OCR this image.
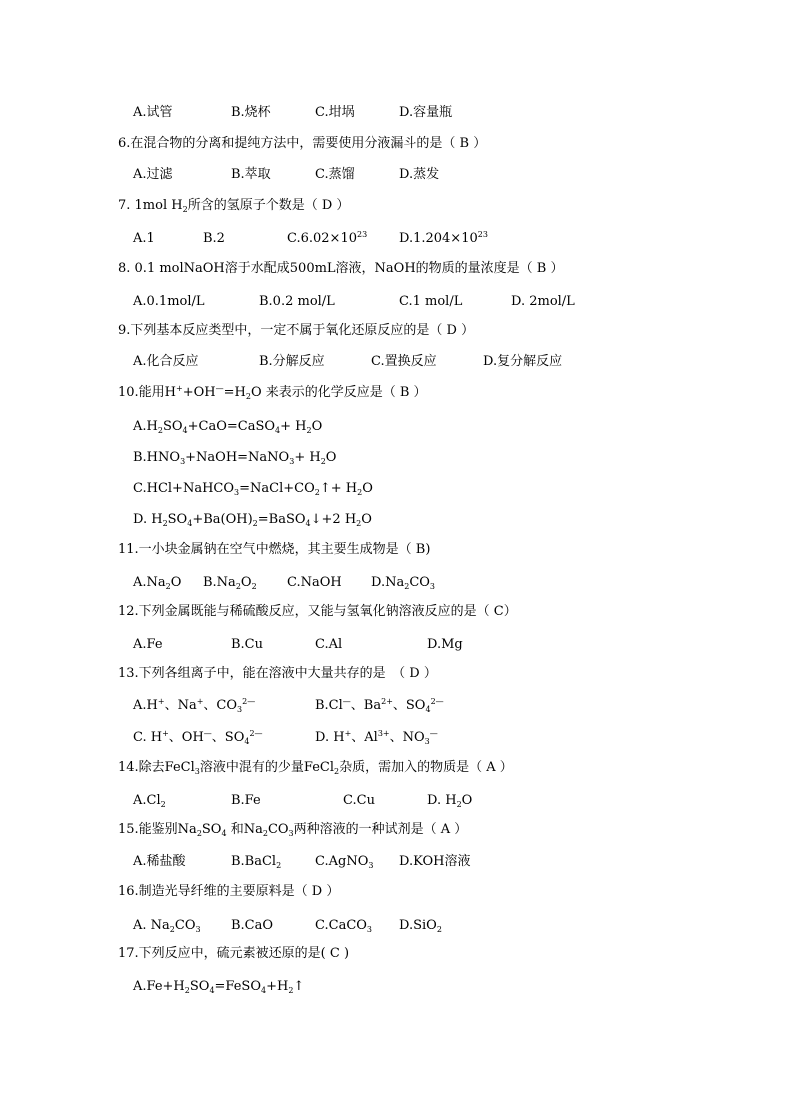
A.试管	B.烧杯	C.坩埚	D.容量瓶
6.在混合物的分离和提纯方法中，需要使用分液漏斗的是（ B ）
A.过滤	B.萃取	C.蒸馏	D.蒸发
7. 1mol $H_2$所含的氢原子个数是（ D ）
A.1	B.2	$C.6.02\times 10^{23}$ $D.1.204\times 10^{23}$
8. 0.1 molNaOH溶于水配成500mL溶液，NaOH的物质的量浓度是（ B ）
A.0.1mol/L	B.0.2 mol/L	C.1 mol/L	D. 2mol/L
9.下列基本反应类型中，一定不属于氧化还原反应的是（ D ）
A.化合反应	B.分解反应	C.置换反应	D.复分解反应
10.能用$H^++OH^—=H_2O$ 来表示的化学反应是（ B ）
$A.H_2SO_4+CaO=CaSO_4+ H_2O$
$B.HNO_3+NaOH=NaNO_3+ H_2O$
$C.HCl+NaHCO_3=NaCl+CO_2↑+ H_2O$
D. $H_2SO_4+Ba(OH)_2=BaSO_4↓+2$ $H_2O$
11.一小块金属钠在空气中燃烧，其主要生成物是（ B)
$A.Na_2O$ $B.Na_2O_2$ C.NaOH $D.Na_2CO_3$
12.下列金属既能与稀硫酸反应，又能与氢氧化钠溶液反应的是（ C）
A.Fe	B.Cu	C.Al	D.Mg
13.下列各组离子中，能在溶液中大量共存的是　（ D ）
A.H+、Na+、$CO_3^{2—}$	B.Cl—、$Ba^{2+}$、$SO_4^{2—}$
C. H+、OH—、$SO_4^{2—}$	D. H+、$Al^{3+}$、$NO_3^—$
14.除去FeCl$_3$溶液中混有的少量FeCl$_2$杂质，需加入的物质是（ A ）
$A.Cl_2$	B.Fe	C.Cu	D. $H_2O$
15.能鉴别$Na_2SO_4$ 和$Na_2CO_3$两种溶液的一种试剂是（ A ）
A.稀盐酸	B.BaCl$_2$	C.AgNO$_3$ D.KOH溶液
16.制造光导纤维的主要原料是（ D ）
A. $Na_2CO_3$ B.CaO	C.CaCO$_3$ D.SiO$_2$
17.下列反应中，硫元素被还原的是( C )
$A.Fe+H_2SO_4=FeSO_4+H_2↑$
